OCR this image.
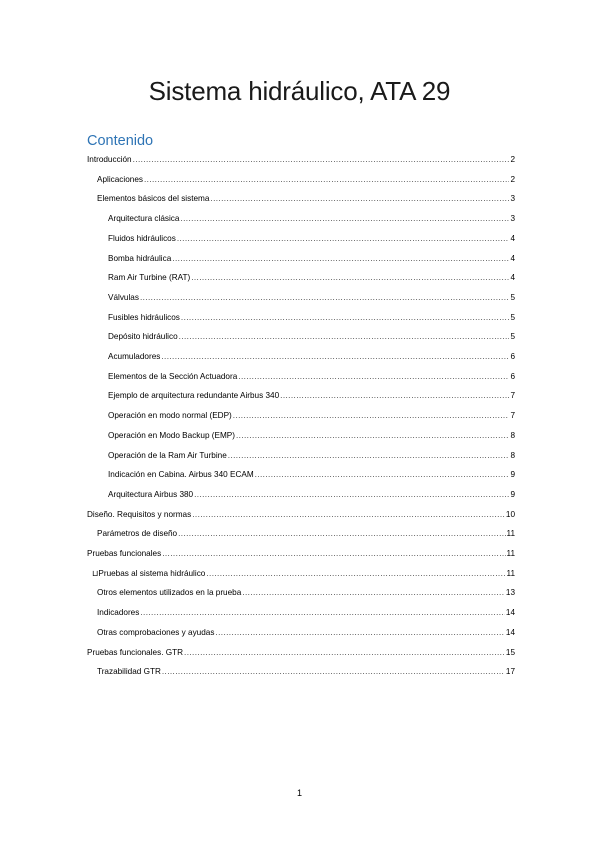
Sistema hidráulico, ATA 29
Contenido
Introducción .....	2
Aplicaciones .....	2
Elementos básicos del sistema .....	3
Arquitectura clásica .....	3
Fluidos hidráulicos .....	4
Bomba hidráulica .....	4
Ram Air Turbine (RAT) .....	4
Válvulas .....	5
Fusibles hidráulicos .....	5
Depósito hidráulico .....	5
Acumuladores .....	6
Elementos de la Sección Actuadora .....	6
Ejemplo de arquitectura redundante Airbus 340 .....	7
Operación en modo normal (EDP) .....	7
Operación en Modo Backup (EMP) .....	8
Operación de la Ram Air Turbine .....	8
Indicación en Cabina. Airbus 340 ECAM .....	9
Arquitectura Airbus 380 .....	9
Diseño. Requisitos y normas .....	10
Parámetros de diseño .....	11
Pruebas funcionales .....	11
⊔Pruebas al sistema hidráulico .....	11
Otros elementos utilizados en la prueba .....	13
Indicadores .....	14
Otras comprobaciones y ayudas .....	14
Pruebas funcionales. GTR .....	15
Trazabilidad GTR .....	17
1
